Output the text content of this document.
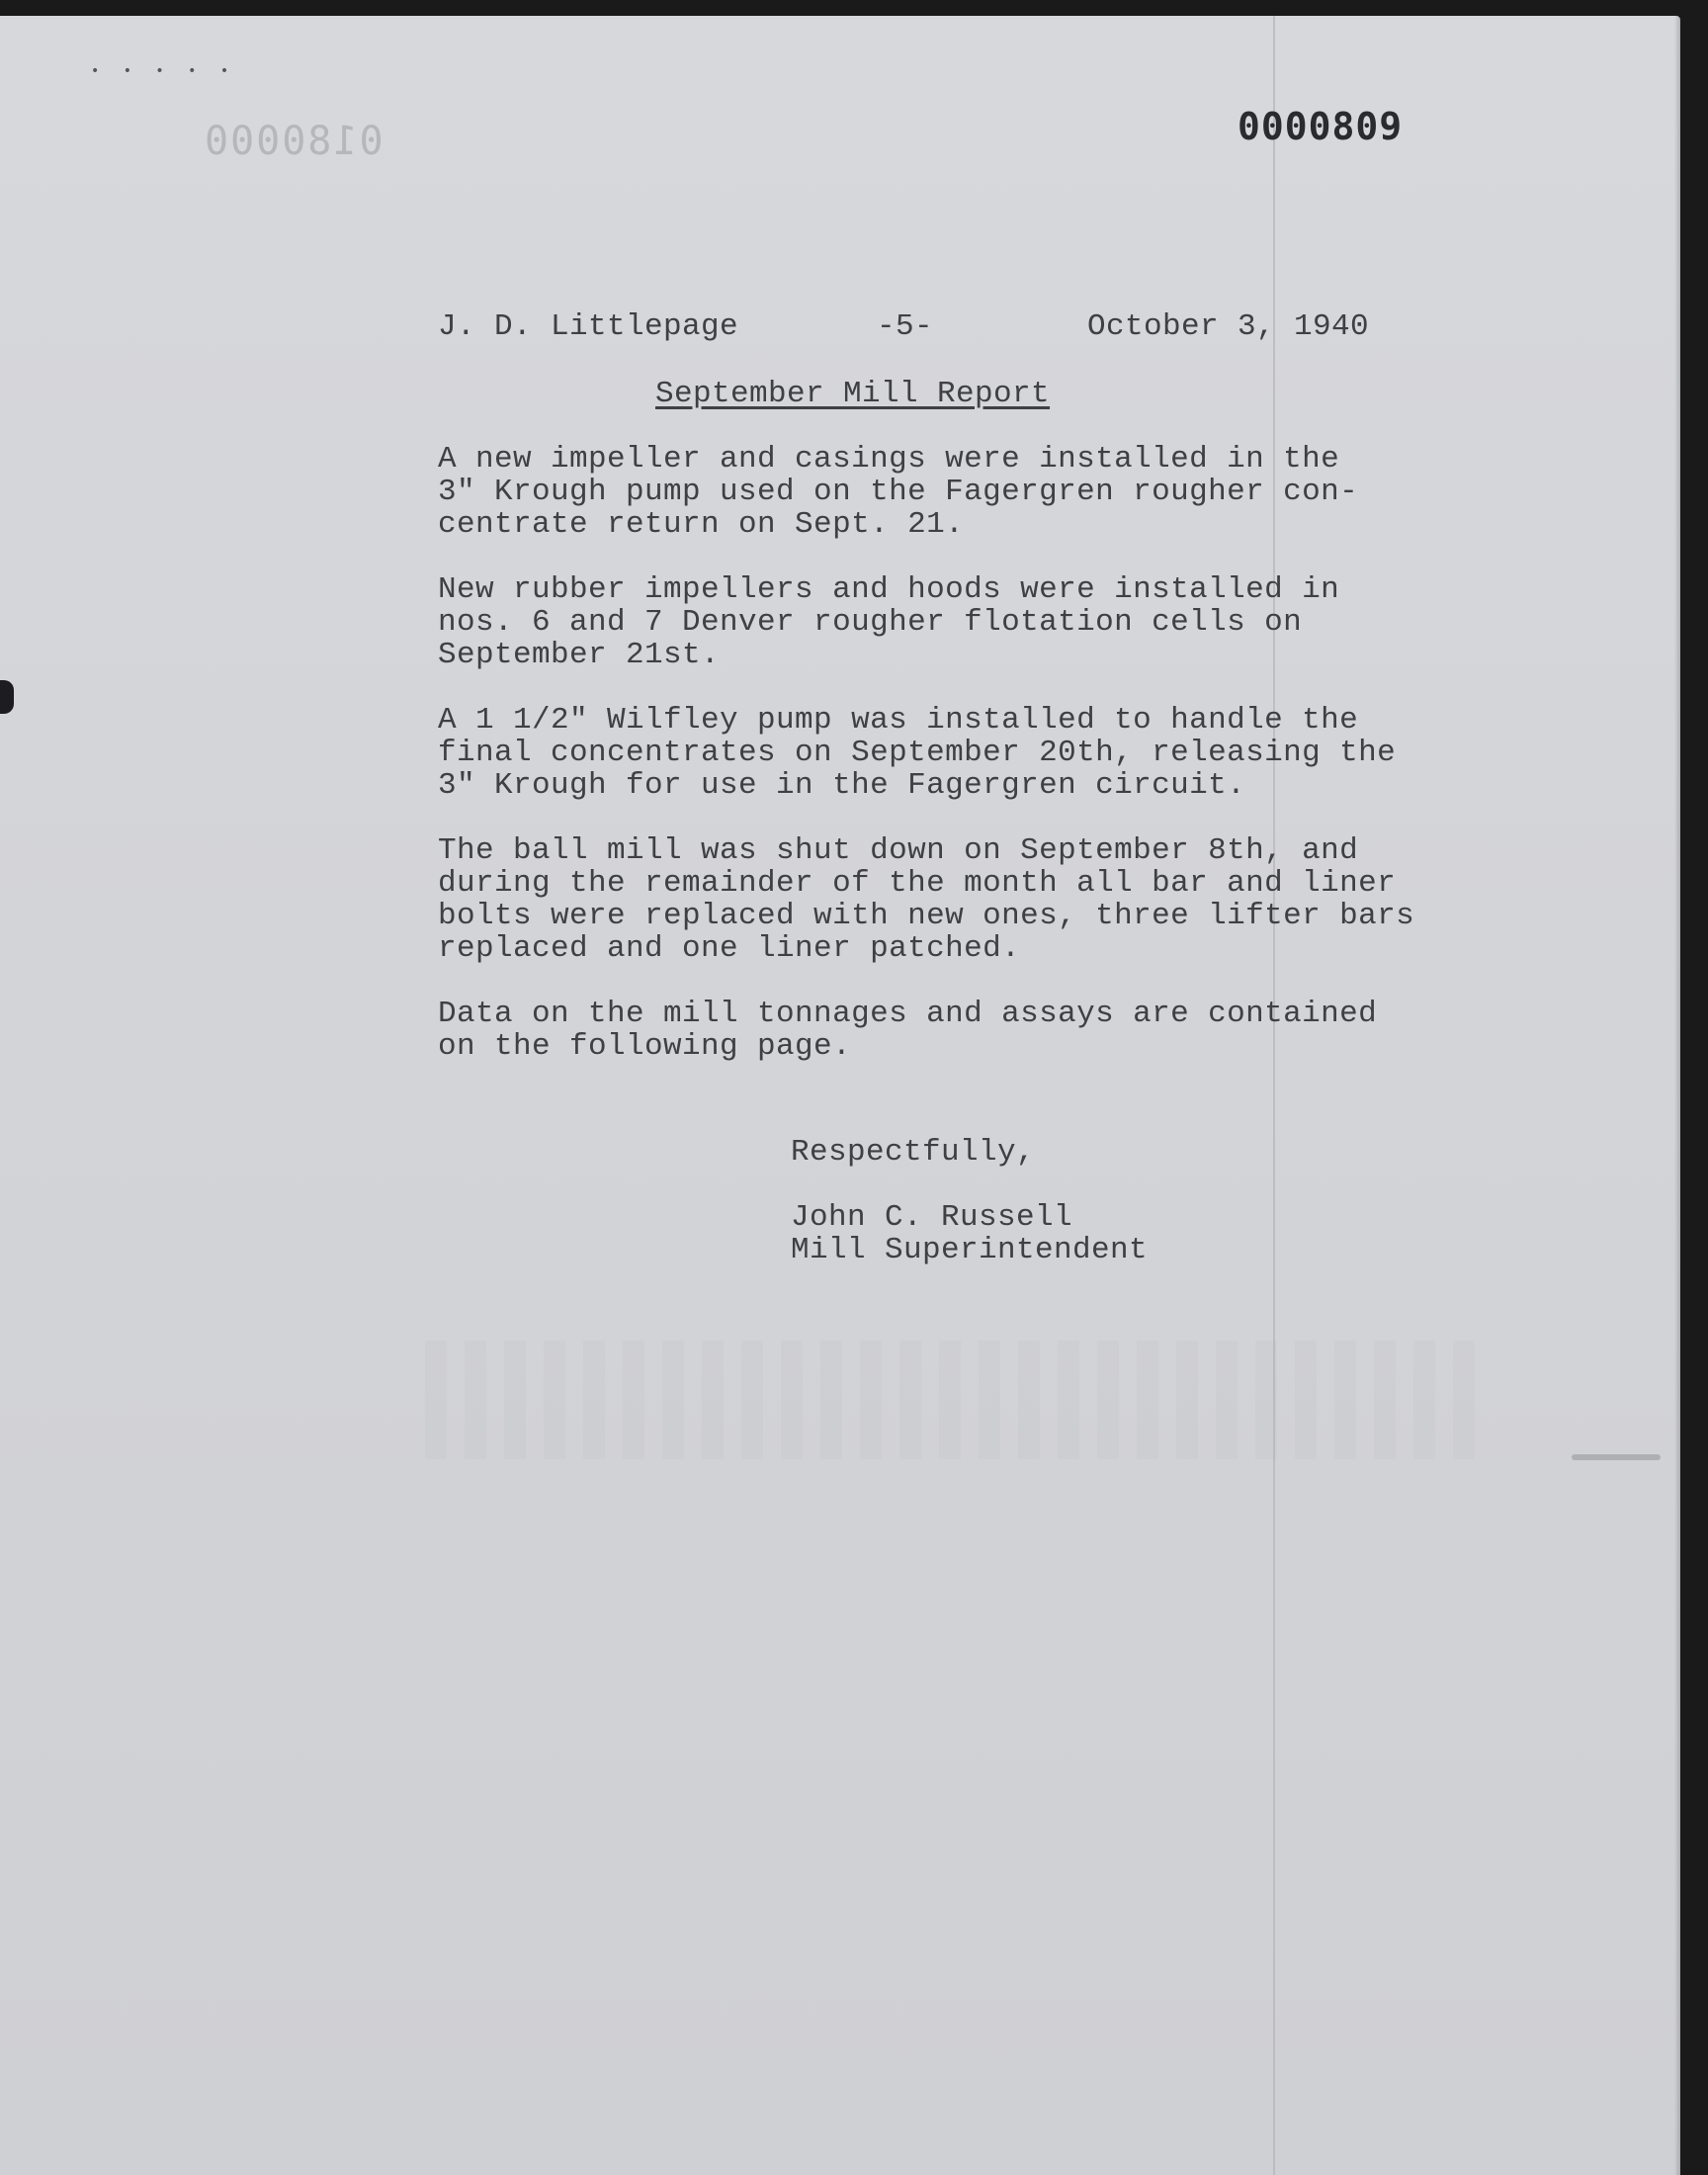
• • • • •
0180000	0000809
J. D. Littlepage	-5-	October 3, 1940
September Mill Report

A new impeller and casings were installed in the
3" Krough pump used on the Fagergren rougher con-
centrate return on Sept. 21.

New rubber impellers and hoods were installed in
nos. 6 and 7 Denver rougher flotation cells on
September 21st.

A 1 1/2" Wilfley pump was installed to handle the
final concentrates on September 20th, releasing the
3" Krough for use in the Fagergren circuit.

The ball mill was shut down on September 8th, and
during the remainder of the month all bar and liner
bolts were replaced with new ones, three lifter bars
replaced and one liner patched.

Data on the mill tonnages and assays are contained
on the following page.

Respectfully,
John C. Russell
Mill Superintendent
